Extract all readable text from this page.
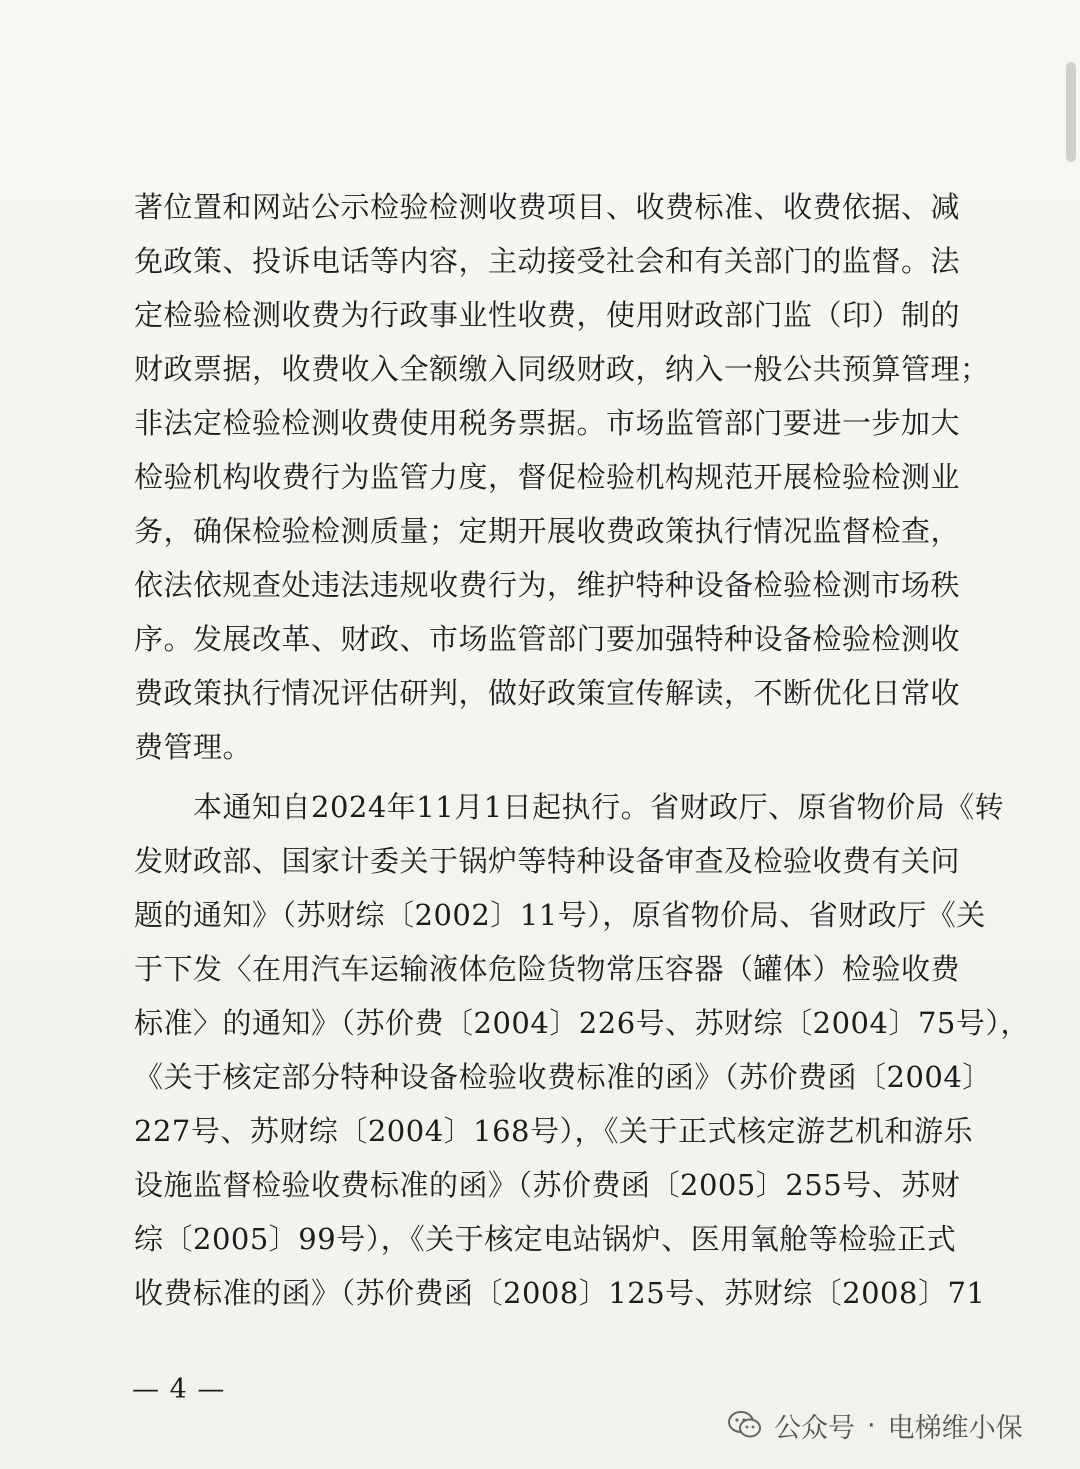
著位置和网站公示检验检测收费项目、收费标准、收费依据、减
免政策、投诉电话等内容，主动接受社会和有关部门的监督。法
定检验检测收费为行政事业性收费，使用财政部门监（印）制的
财政票据，收费收入全额缴入同级财政，纳入一般公共预算管理；
非法定检验检测收费使用税务票据。市场监管部门要进一步加大
检验机构收费行为监管力度，督促检验机构规范开展检验检测业
务，确保检验检测质量；定期开展收费政策执行情况监督检查，
依法依规查处违法违规收费行为，维护特种设备检验检测市场秩
序。发展改革、财政、市场监管部门要加强特种设备检验检测收
费政策执行情况评估研判，做好政策宣传解读，不断优化日常收
费管理。
　　本通知自2024年11月1日起执行。省财政厅、原省物价局《转
发财政部、国家计委关于锅炉等特种设备审查及检验收费有关问
题的通知》（苏财综〔2002〕11号），原省物价局、省财政厅《关
于下发〈在用汽车运输液体危险货物常压容器（罐体）检验收费
标准〉的通知》（苏价费〔2004〕226号、苏财综〔2004〕75号），
《关于核定部分特种设备检验收费标准的函》（苏价费函〔2004〕
227号、苏财综〔2004〕168号），《关于正式核定游艺机和游乐
设施监督检验收费标准的函》（苏价费函〔2005〕255号、苏财
综〔2005〕99号），《关于核定电站锅炉、医用氧舱等检验正式
收费标准的函》（苏价费函〔2008〕125号、苏财综〔2008〕71
— 4 —
公众号 · 电梯维小保
